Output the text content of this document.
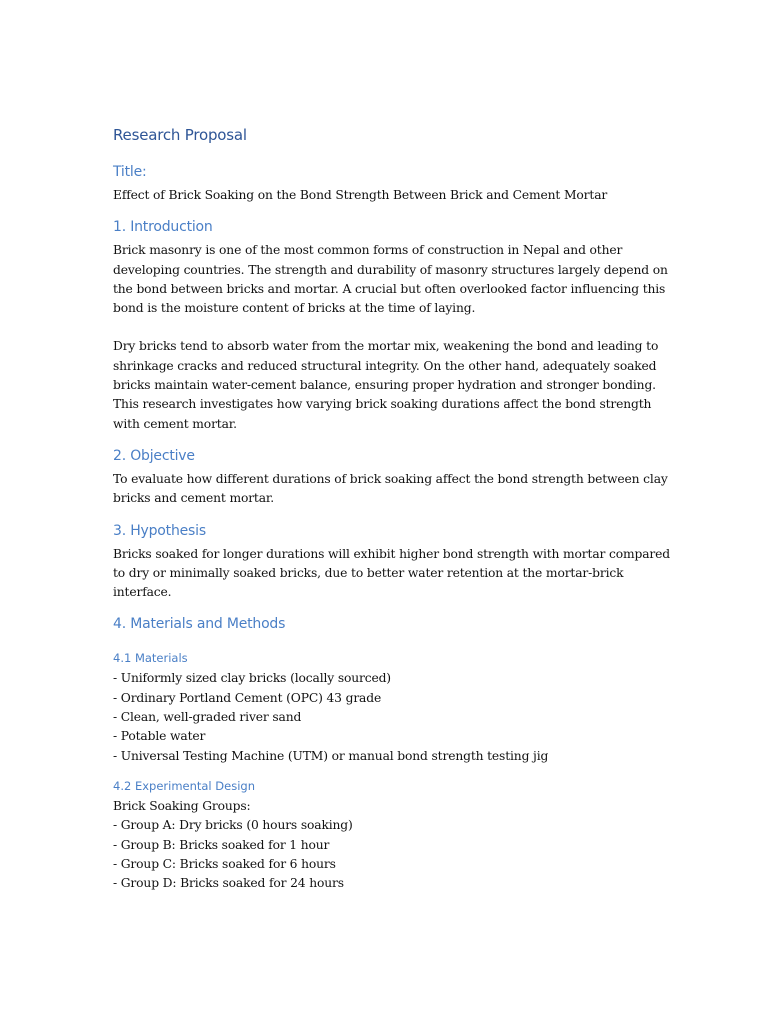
Research Proposal
Title:

Effect of Brick Soaking on the Bond Strength Between Brick and Cement Mortar

1. Introduction

Brick masonry is one of the most common forms of construction in Nepal and other
developing countries. The strength and durability of masonry structures largely depend on
the bond between bricks and mortar. A crucial but often overlooked factor influencing this
bond is the moisture content of bricks at the time of laying.

Dry bricks tend to absorb water from the mortar mix, weakening the bond and leading to
shrinkage cracks and reduced structural integrity. On the other hand, adequately soaked
bricks maintain water-cement balance, ensuring proper hydration and stronger bonding.
This research investigates how varying brick soaking durations affect the bond strength
with cement mortar.

2. Objective

To evaluate how different durations of brick soaking affect the bond strength between clay
bricks and cement mortar.

3. Hypothesis

Bricks soaked for longer durations will exhibit higher bond strength with mortar compared
to dry or minimally soaked bricks, due to better water retention at the mortar-brick
interface.

4. Materials and Methods
4.1 Materials

- Uniformly sized clay bricks (locally sourced)
- Ordinary Portland Cement (OPC) 43 grade
- Clean, well-graded river sand
- Potable water
- Universal Testing Machine (UTM) or manual bond strength testing jig

4.2 Experimental Design

Brick Soaking Groups:
- Group A: Dry bricks (0 hours soaking)
- Group B: Bricks soaked for 1 hour
- Group C: Bricks soaked for 6 hours
- Group D: Bricks soaked for 24 hours
